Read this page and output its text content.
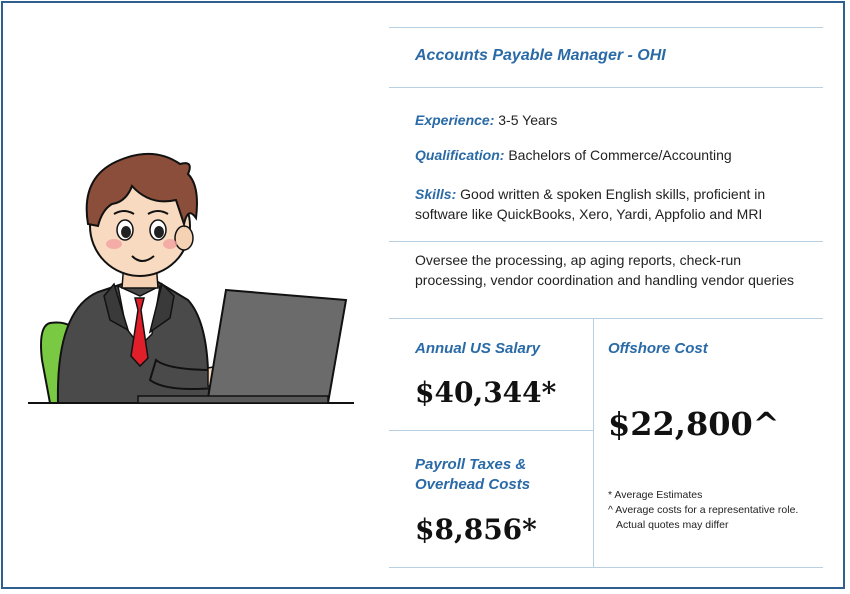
Accounts Payable Manager - OHI
Experience: 3-5 Years
Qualification: Bachelors of Commerce/Accounting
Skills: Good written & spoken English skills, proficient in software like QuickBooks, Xero, Yardi, Appfolio and MRI
Oversee the processing, ap aging reports, check-run processing, vendor coordination and handling vendor queries
Annual US Salary
$40,344*
Payroll Taxes &
Overhead Costs
$8,856*
Offshore Cost
$22,800^
* Average Estimates
^ Average costs for a representative role.
Actual quotes may differ
